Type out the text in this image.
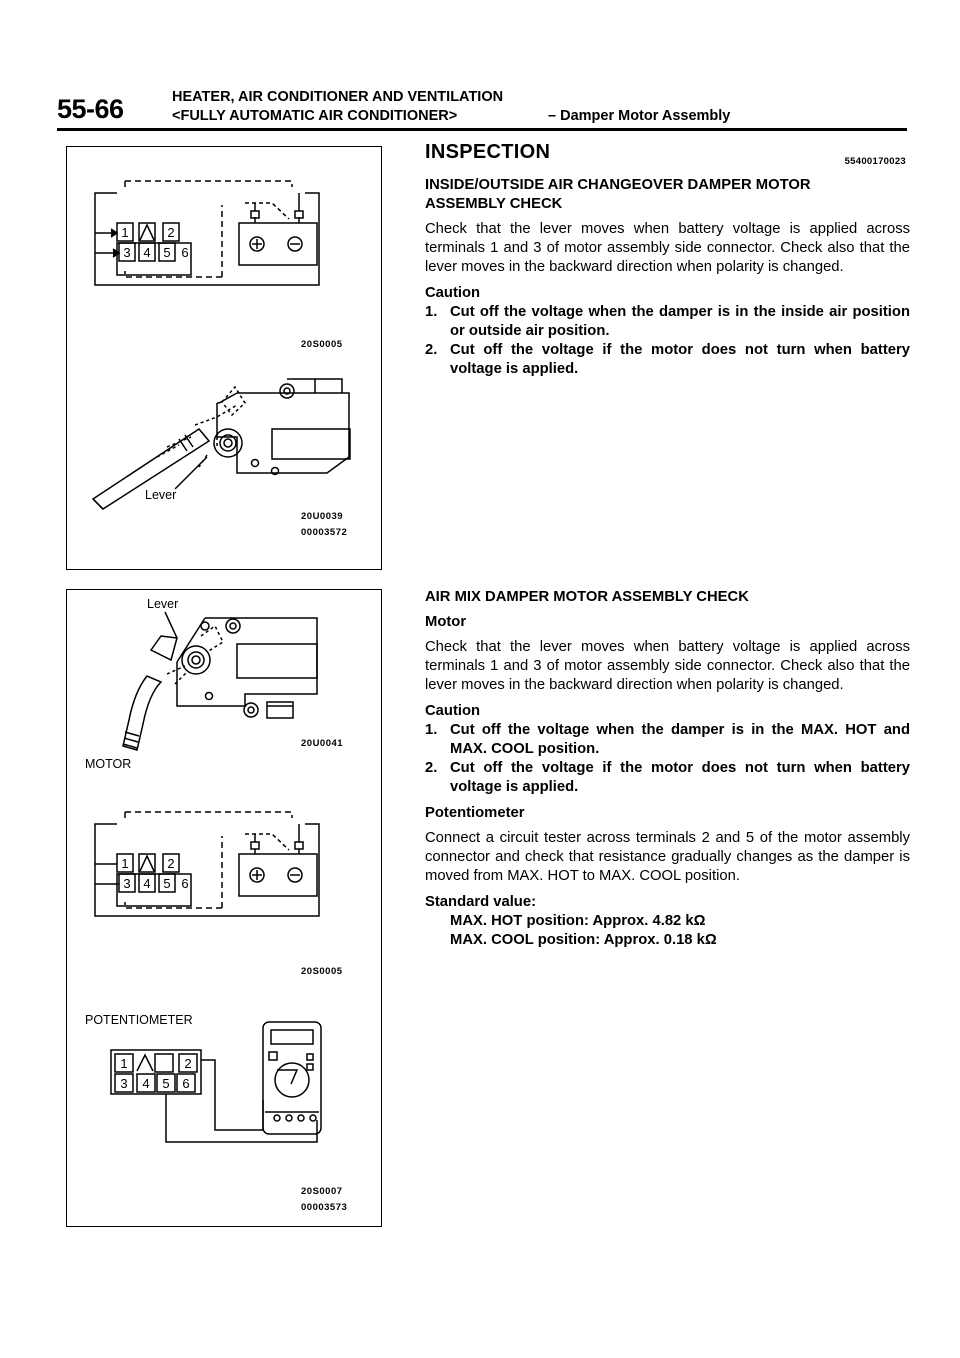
55-66	HEATER, AIR CONDITIONER AND VENTILATION
<FULLY AUTOMATIC AIR CONDITIONER>	– Damper Motor Assembly
1	2
3 4 5 6
20S0005
Lever
20U0039
00003572
Lever
20U0041
MOTOR
1	2
3 4 5 6
20S0005
POTENTIOMETER
1	2
3 4 5 6
20S0007
00003573
INSPECTION	55400170023
INSIDE/OUTSIDE AIR CHANGEOVER DAMPER MOTOR
ASSEMBLY CHECK

Check that the lever moves when battery voltage is applied across terminals 1 and 3 of motor assembly side connector. Check also that the lever moves in the backward direction when polarity is changed.

Caution
1. Cut off the voltage when the damper is in the inside air position or outside air position.
2. Cut off the voltage if the motor does not turn when battery voltage is applied.
AIR MIX DAMPER MOTOR ASSEMBLY CHECK
Motor

Check that the lever moves when battery voltage is applied across terminals 1 and 3 of motor assembly side connector. Check also that the lever moves in the backward direction when polarity is changed.

Caution
1. Cut off the voltage when the damper is in the MAX. HOT and MAX. COOL position.
2. Cut off the voltage if the motor does not turn when battery voltage is applied.
Potentiometer

Connect a circuit tester across terminals 2 and 5 of the motor assembly connector and check that resistance gradually changes as the damper is moved from MAX. HOT to MAX. COOL position.

Standard value:
MAX. HOT position: Approx. 4.82 kΩ
MAX. COOL position: Approx. 0.18 kΩ
